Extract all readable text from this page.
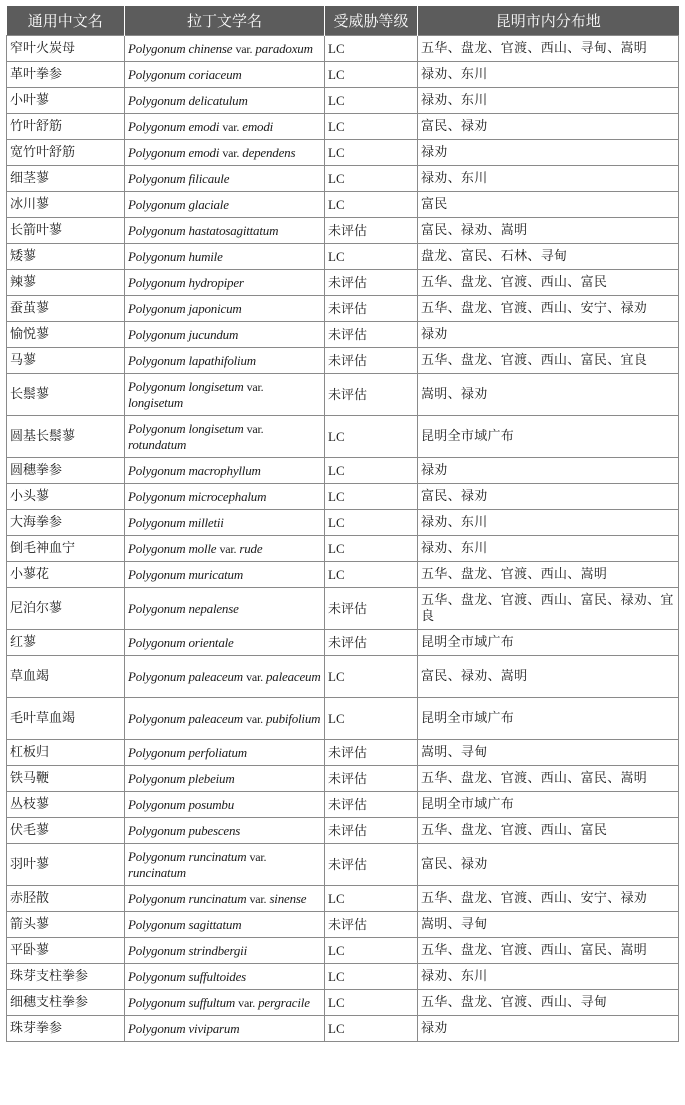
通用中文名	拉丁文学名	受威胁等级	昆明市内分布地
窄叶火炭母	Polygonum chinense var. paradoxum	LC	五华、盘龙、官渡、西山、寻甸、嵩明
革叶拳参	Polygonum coriaceum	LC	禄劝、东川
小叶蓼	Polygonum delicatulum	LC	禄劝、东川
竹叶舒筋	Polygonum emodi var. emodi	LC	富民、禄劝
宽竹叶舒筋	Polygonum emodi var. dependens	LC	禄劝
细茎蓼	Polygonum filicaule	LC	禄劝、东川
冰川蓼	Polygonum glaciale	LC	富民
长箭叶蓼	Polygonum hastatosagittatum	未评估	富民、禄劝、嵩明
矮蓼	Polygonum humile	LC	盘龙、富民、石林、寻甸
辣蓼	Polygonum hydropiper	未评估	五华、盘龙、官渡、西山、富民
蚕茧蓼	Polygonum japonicum	未评估	五华、盘龙、官渡、西山、安宁、禄劝
愉悦蓼	Polygonum jucundum	未评估	禄劝
马蓼	Polygonum lapathifolium	未评估	五华、盘龙、官渡、西山、富民、宜良
长鬃蓼	Polygonum longisetum var. longisetum	未评估	嵩明、禄劝
圆基长鬃蓼	Polygonum longisetum var. rotundatum	LC	昆明全市域广布
圆穗拳参	Polygonum macrophyllum	LC	禄劝
小头蓼	Polygonum microcephalum	LC	富民、禄劝
大海拳参	Polygonum milletii	LC	禄劝、东川
倒毛神血宁	Polygonum molle var. rude	LC	禄劝、东川
小蓼花	Polygonum muricatum	LC	五华、盘龙、官渡、西山、嵩明
尼泊尔蓼	Polygonum nepalense	未评估	五华、盘龙、官渡、西山、富民、禄劝、宜良
红蓼	Polygonum orientale	未评估	昆明全市域广布
草血竭	Polygonum paleaceum var. paleaceum	LC	富民、禄劝、嵩明
毛叶草血竭	Polygonum paleaceum var. pubifolium	LC	昆明全市域广布
杠板归	Polygonum perfoliatum	未评估	嵩明、寻甸
铁马鞭	Polygonum plebeium	未评估	五华、盘龙、官渡、西山、富民、嵩明
丛枝蓼	Polygonum posumbu	未评估	昆明全市域广布
伏毛蓼	Polygonum pubescens	未评估	五华、盘龙、官渡、西山、富民
羽叶蓼	Polygonum runcinatum var. runcinatum	未评估	富民、禄劝
赤胫散	Polygonum runcinatum var. sinense	LC	五华、盘龙、官渡、西山、安宁、禄劝
箭头蓼	Polygonum sagittatum	未评估	嵩明、寻甸
平卧蓼	Polygonum strindbergii	LC	五华、盘龙、官渡、西山、富民、嵩明
珠芽支柱拳参	Polygonum suffultoides	LC	禄劝、东川
细穗支柱拳参	Polygonum suffultum var. pergracile	LC	五华、盘龙、官渡、西山、寻甸
珠芽拳参	Polygonum viviparum	LC	禄劝
